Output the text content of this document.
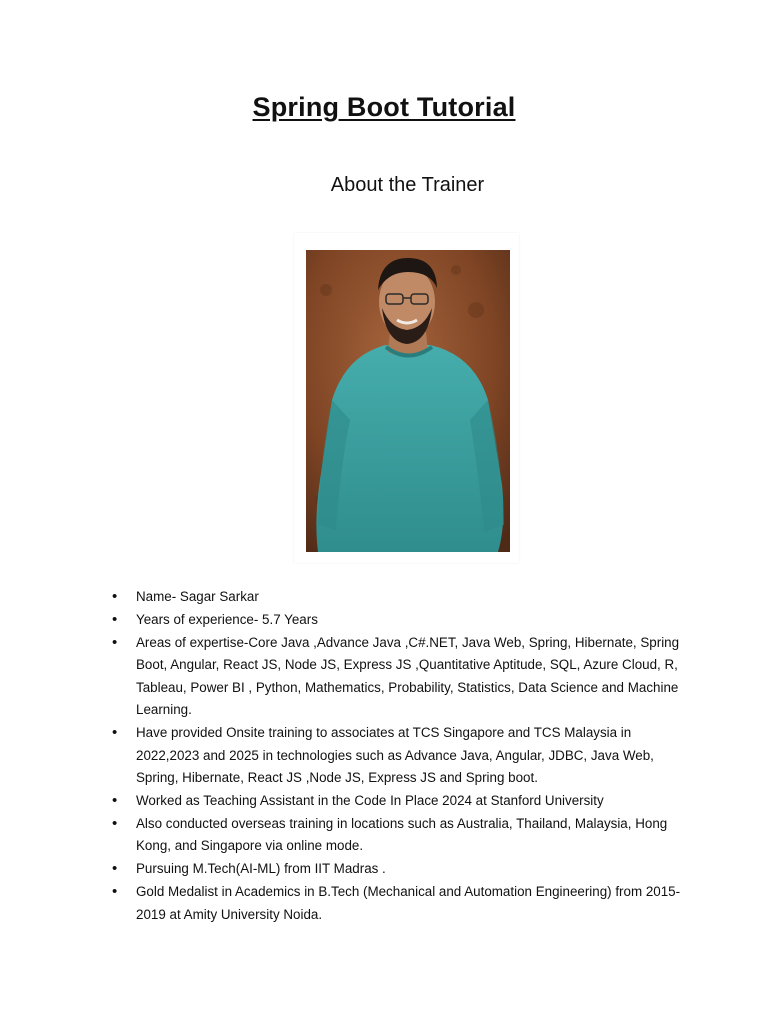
Spring Boot Tutorial
About the Trainer
• Name- Sagar Sarkar
• Years of experience- 5.7 Years
• Areas of expertise-Core Java ,Advance Java ,C#.NET, Java Web, Spring, Hibernate, Spring Boot, Angular, React JS, Node JS, Express JS ,Quantitative Aptitude, SQL, Azure Cloud, R, Tableau, Power BI , Python, Mathematics, Probability, Statistics, Data Science and Machine Learning.
• Have provided Onsite training to associates at TCS Singapore and TCS Malaysia in 2022,2023 and 2025 in technologies such as Advance Java, Angular, JDBC, Java Web, Spring, Hibernate, React JS ,Node JS, Express JS and Spring boot.
• Worked as Teaching Assistant in the Code In Place 2024 at Stanford University
• Also conducted overseas training in locations such as Australia, Thailand, Malaysia, Hong Kong, and Singapore via online mode.
• Pursuing M.Tech(AI-ML) from IIT Madras .
• Gold Medalist in Academics in B.Tech (Mechanical and Automation Engineering) from 2015- 2019 at Amity University Noida.
